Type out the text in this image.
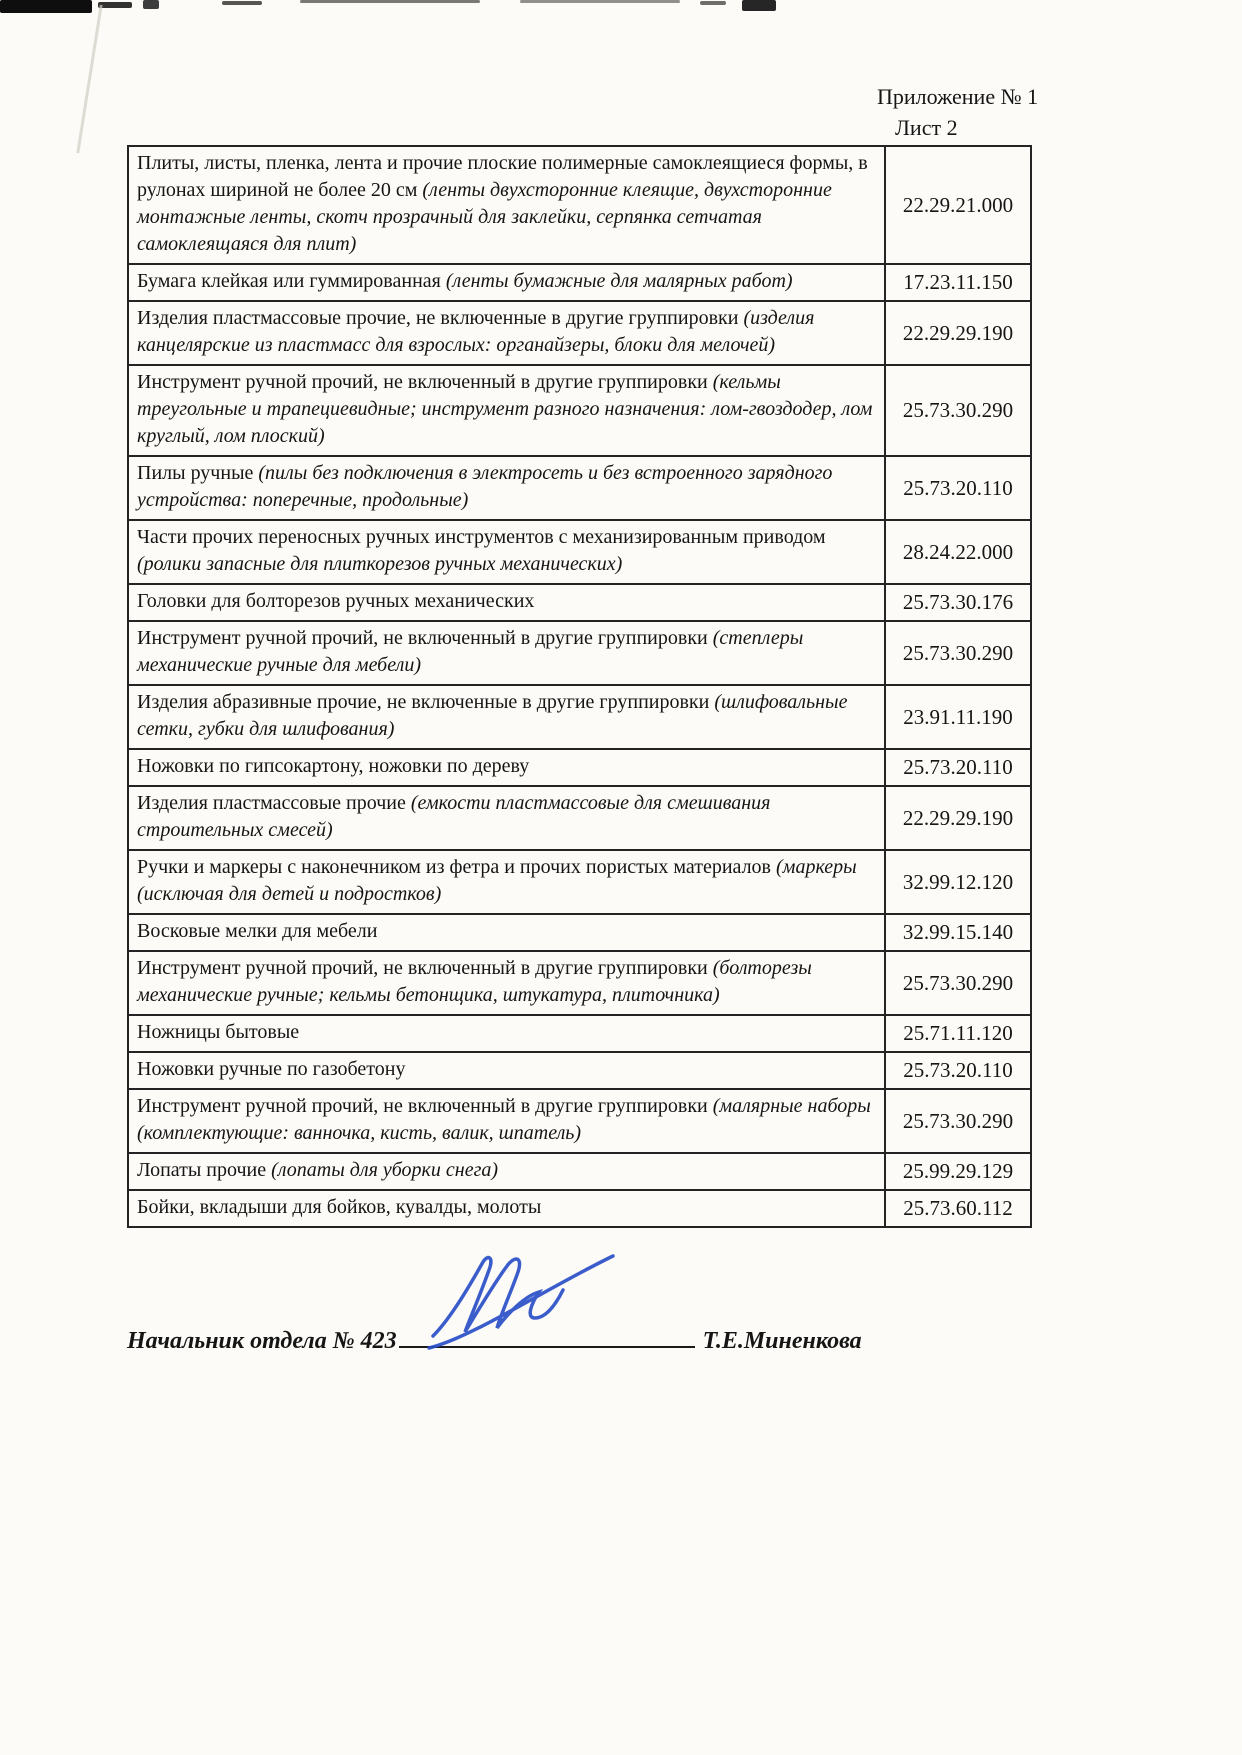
Приложение № 1
Лист 2
Плиты, листы, пленка, лента и прочие плоские полимерные самоклеящиеся формы, в рулонах шириной не более 20 см (ленты двухсторонние клеящие, двухсторонние монтажные ленты, скотч прозрачный для заклейки, серпянка сетчатая самоклеящаяся для плит)	22.29.21.000
Бумага клейкая или гуммированная (ленты бумажные для малярных работ)	17.23.11.150
Изделия пластмассовые прочие, не включенные в другие группировки (изделия канцелярские из пластмасс для взрослых: органайзеры, блоки для мелочей)	22.29.29.190
Инструмент ручной прочий, не включенный в другие группировки (кельмы треугольные и трапециевидные; инструмент разного назначения: лом-гвоздодер, лом круглый, лом плоский)	25.73.30.290
Пилы ручные (пилы без подключения в электросеть и без встроенного зарядного устройства: поперечные, продольные)	25.73.20.110
Части прочих переносных ручных инструментов с механизированным приводом (ролики запасные для плиткорезов ручных механических)	28.24.22.000
Головки для болторезов ручных механических	25.73.30.176
Инструмент ручной прочий, не включенный в другие группировки (степлеры механические ручные для мебели)	25.73.30.290
Изделия абразивные прочие, не включенные в другие группировки (шлифовальные сетки, губки для шлифования)	23.91.11.190
Ножовки по гипсокартону, ножовки по дереву	25.73.20.110
Изделия пластмассовые прочие (емкости пластмассовые для смешивания строительных смесей)	22.29.29.190
Ручки и маркеры с наконечником из фетра и прочих пористых материалов (маркеры (исключая для детей и подростков)	32.99.12.120
Восковые мелки для мебели	32.99.15.140
Инструмент ручной прочий, не включенный в другие группировки (болторезы механические ручные; кельмы бетонщика, штукатура, плиточника)	25.73.30.290
Ножницы бытовые	25.71.11.120
Ножовки ручные по газобетону	25.73.20.110
Инструмент ручной прочий, не включенный в другие группировки (малярные наборы (комплектующие: ванночка, кисть, валик, шпатель)	25.73.30.290
Лопаты прочие (лопаты для уборки снега)	25.99.29.129
Бойки, вкладыши для бойков, кувалды, молоты	25.73.60.112
Начальник отдела № 423	Т.Е.Миненкова
